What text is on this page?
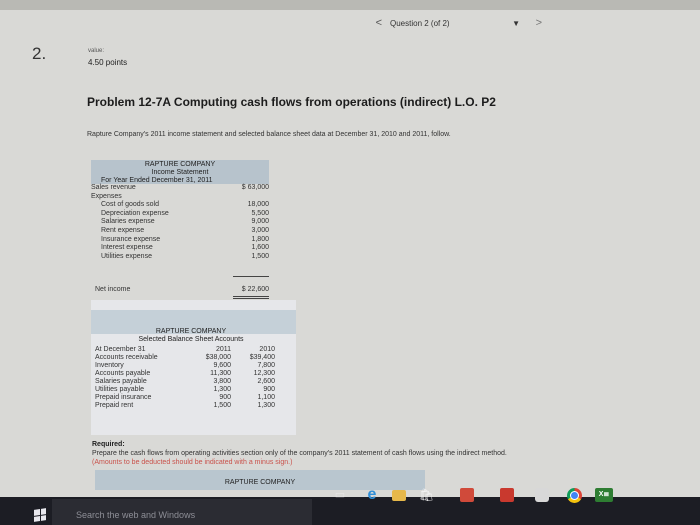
< Question 2 (of 2)	▼ >
2.	value:
4.50 points
Problem 12-7A Computing cash flows from operations (indirect) L.O. P2
Rapture Company's 2011 income statement and selected balance sheet data at December 31, 2010 and 2011, follow.
RAPTURE COMPANY
Income Statement
For Year Ended December 31, 2011
Sales revenue	$ 63,000
Expenses
Cost of goods sold	18,000
Depreciation expense	5,500
Salaries expense	9,000
Rent expense	3,000
Insurance expense	1,800
Interest expense	1,600
Utilities expense	1,500
Net income	$ 22,600
RAPTURE COMPANY
Selected Balance Sheet Accounts
At December 31	2011	2010
Accounts receivable	$38,000	$39,400
Inventory	9,600	7,800
Accounts payable	11,300	12,300
Salaries payable	3,800	2,600
Utilities payable	1,300	900
Prepaid insurance	900	1,100
Prepaid rent	1,500	1,300
Required:
Prepare the cash flows from operating activities section only of the company's 2011 statement of cash flows using the indirect method. (Amounts to be deducted should be indicated with a minus sign.)
RAPTURE COMPANY
Search the web and Windows
▭ e	🛍	X≣
